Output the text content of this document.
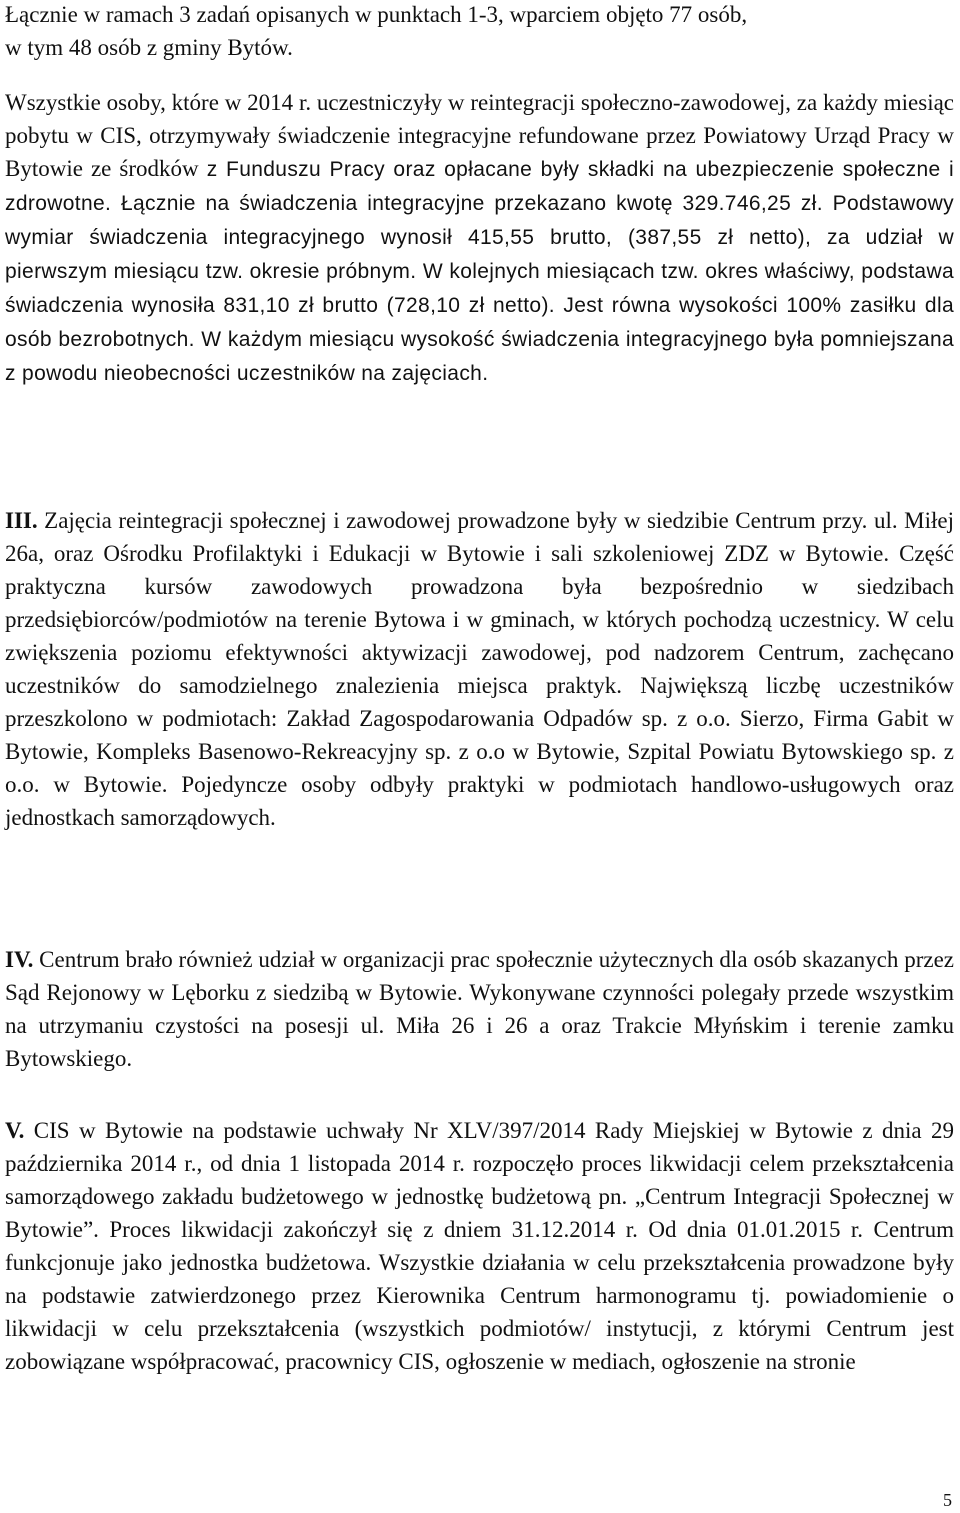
Łącznie w ramach 3 zadań opisanych w punktach 1-3, wparciem objęto 77 osób,
w tym 48 osób z gminy Bytów.

Wszystkie osoby, które w 2014 r. uczestniczyły w reintegracji społeczno-zawodowej, za każdy miesiąc pobytu w CIS, otrzymywały świadczenie integracyjne refundowane przez Powiatowy Urząd Pracy w Bytowie ze środków z Funduszu Pracy oraz opłacane były składki na ubezpieczenie społeczne i zdrowotne. Łącznie na świadczenia integracyjne przekazano kwotę 329.746,25 zł. Podstawowy wymiar świadczenia integracyjnego wynosił 415,55 brutto, (387,55 zł netto), za udział w pierwszym miesiącu tzw. okresie próbnym. W kolejnych miesiącach tzw. okres właściwy, podstawa świadczenia wynosiła 831,10 zł brutto (728,10 zł netto). Jest równa wysokości 100% zasiłku dla osób bezrobotnych. W każdym miesiącu wysokość świadczenia integracyjnego była pomniejszana z powodu nieobecności uczestników na zajęciach.

III. Zajęcia reintegracji społecznej i zawodowej prowadzone były w siedzibie Centrum przy. ul. Miłej 26a, oraz Ośrodku Profilaktyki i Edukacji w Bytowie i sali szkoleniowej ZDZ w Bytowie. Część praktyczna kursów zawodowych prowadzona była bezpośrednio w siedzibach przedsiębiorców/podmiotów na terenie Bytowa i w gminach, w których pochodzą uczestnicy. W celu zwiększenia poziomu efektywności aktywizacji zawodowej, pod nadzorem Centrum, zachęcano uczestników do samodzielnego znalezienia miejsca praktyk. Największą liczbę uczestników przeszkolono w podmiotach: Zakład Zagospodarowania Odpadów sp. z o.o. Sierzo, Firma Gabit w Bytowie, Kompleks Basenowo-Rekreacyjny sp. z o.o w Bytowie, Szpital Powiatu Bytowskiego sp. z o.o. w Bytowie. Pojedyncze osoby odbyły praktyki w podmiotach handlowo-usługowych oraz jednostkach samorządowych.

IV. Centrum brało również udział w organizacji prac społecznie użytecznych dla osób skazanych przez Sąd Rejonowy w Lęborku z siedzibą w Bytowie. Wykonywane czynności polegały przede wszystkim na utrzymaniu czystości na posesji ul. Miła 26 i 26 a oraz Trakcie Młyńskim i terenie zamku Bytowskiego.

V. CIS w Bytowie na podstawie uchwały Nr XLV/397/2014 Rady Miejskiej w Bytowie z dnia 29 października 2014 r., od dnia 1 listopada 2014 r. rozpoczęło proces likwidacji celem przekształcenia samorządowego zakładu budżetowego w jednostkę budżetową pn. „Centrum Integracji Społecznej w Bytowie”. Proces likwidacji zakończył się z dniem 31.12.2014 r. Od dnia 01.01.2015 r. Centrum funkcjonuje jako jednostka budżetowa. Wszystkie działania w celu przekształcenia prowadzone były na podstawie zatwierdzonego przez Kierownika Centrum harmonogramu tj. powiadomienie o likwidacji w celu przekształcenia (wszystkich podmiotów/ instytucji, z którymi Centrum jest zobowiązane współpracować, pracownicy CIS, ogłoszenie w mediach, ogłoszenie na stronie

5
